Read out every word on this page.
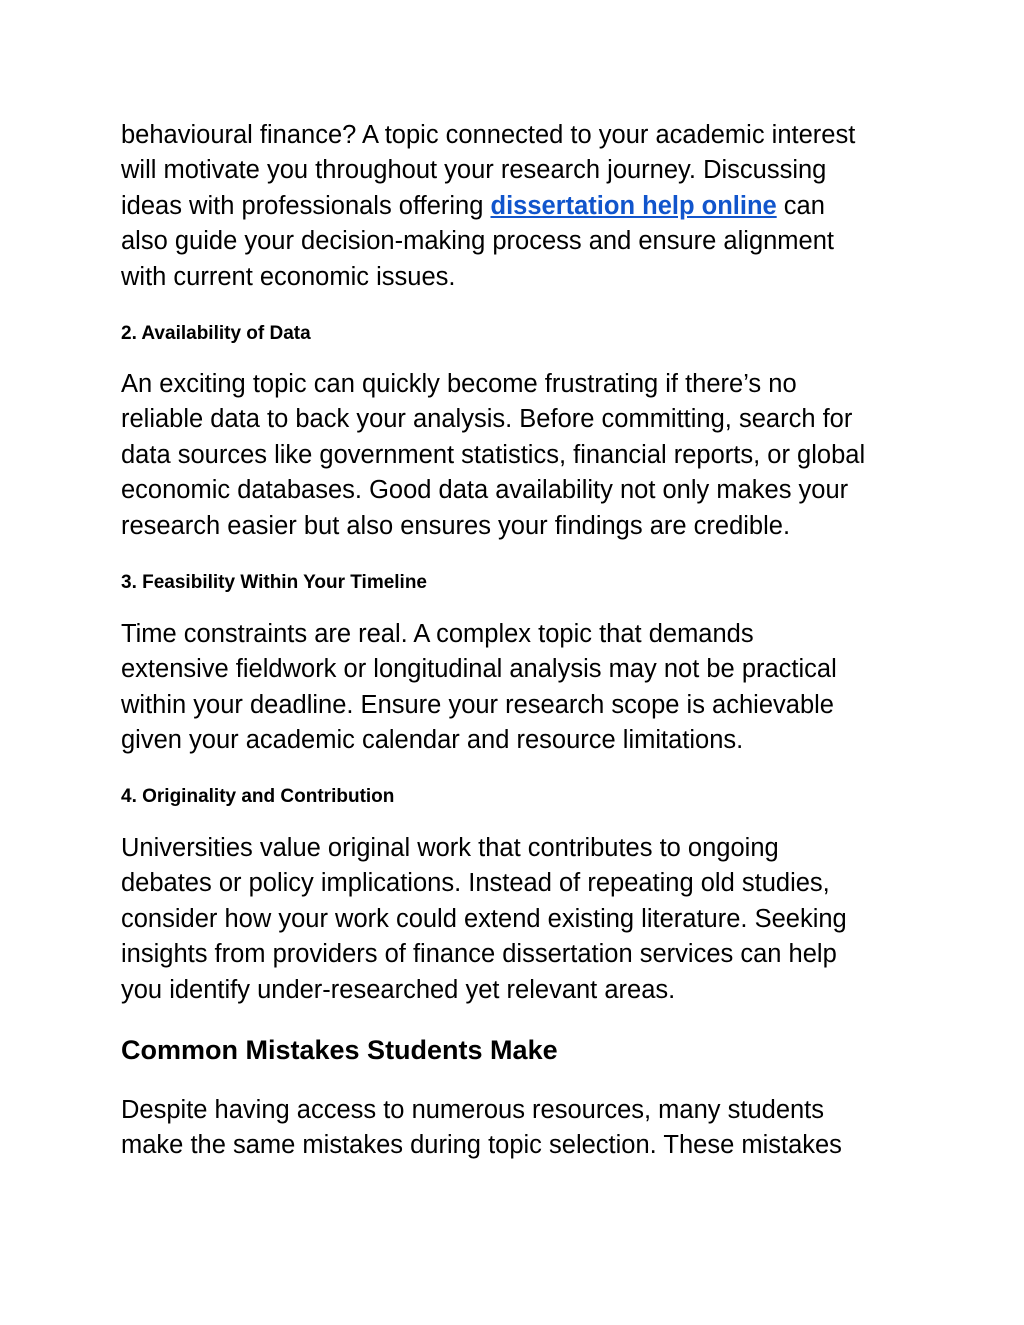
behavioural finance? A topic connected to your academic interest
will motivate you throughout your research journey. Discussing
ideas with professionals offering dissertation help online can
also guide your decision-making process and ensure alignment
with current economic issues.

2. Availability of Data

An exciting topic can quickly become frustrating if there’s no
reliable data to back your analysis. Before committing, search for
data sources like government statistics, financial reports, or global
economic databases. Good data availability not only makes your
research easier but also ensures your findings are credible.

3. Feasibility Within Your Timeline

Time constraints are real. A complex topic that demands
extensive fieldwork or longitudinal analysis may not be practical
within your deadline. Ensure your research scope is achievable
given your academic calendar and resource limitations.

4. Originality and Contribution

Universities value original work that contributes to ongoing
debates or policy implications. Instead of repeating old studies,
consider how your work could extend existing literature. Seeking
insights from providers of finance dissertation services can help
you identify under-researched yet relevant areas.

Common Mistakes Students Make

Despite having access to numerous resources, many students
make the same mistakes during topic selection. These mistakes
